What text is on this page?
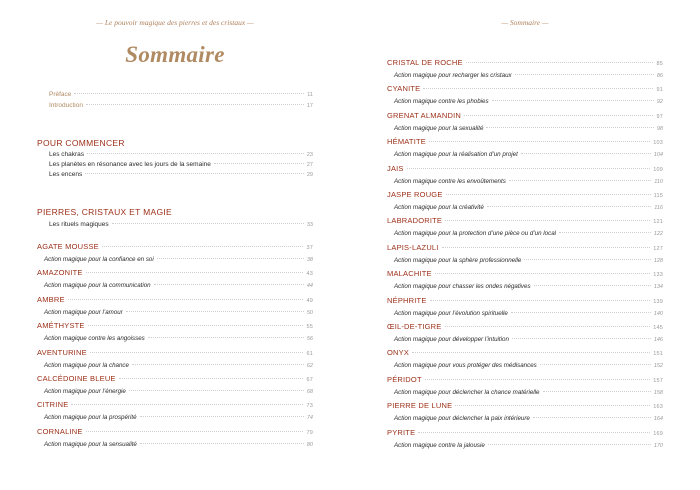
— Le pouvoir magique des pierres et des cristaux —
Sommaire
Préface	11
Introduction	17
POUR COMMENCER
Les chakras	23
Les planètes en résonance avec les jours de la semaine	27
Les encens	29
PIERRES, CRISTAUX ET MAGIE
Les rituels magiques	33
AGATE MOUSSE	37
Action magique pour la confiance en soi	38
AMAZONITE	43
Action magique pour la communication	44
AMBRE	49
Action magique pour l’amour	50
AMÉTHYSTE	55
Action magique contre les angoisses	56
AVENTURINE	61
Action magique pour la chance	62
CALCÉDOINE BLEUE	67
Action magique pour l’énergie	68
CITRINE	73
Action magique pour la prospérité	74
CORNALINE	79
Action magique pour la sensualité	80
— Sommaire —
CRISTAL DE ROCHE	85
Action magique pour recharger les cristaux	86
CYANITE	91
Action magique contre les phobies	92
GRENAT ALMANDIN	97
Action magique pour la sexualité	98
HÉMATITE	103
Action magique pour la réalisation d’un projet	104
JAIS	109
Action magique contre les envoûtements	110
JASPE ROUGE	115
Action magique pour la créativité	116
LABRADORITE	121
Action magique pour la protection d’une pièce ou d’un local	122
LAPIS-LAZULI	127
Action magique pour la sphère professionnelle	128
MALACHITE	133
Action magique pour chasser les ondes négatives	134
NÉPHRITE	139
Action magique pour l’évolution spirituelle	140
ŒIL-DE-TIGRE	145
Action magique pour développer l’intuition	146
ONYX	151
Action magique pour vous protéger des médisances	152
PÉRIDOT	157
Action magique pour déclencher la chance matérielle	158
PIERRE DE LUNE	163
Action magique pour déclencher la paix intérieure	164
PYRITE	169
Action magique contre la jalousie	170
